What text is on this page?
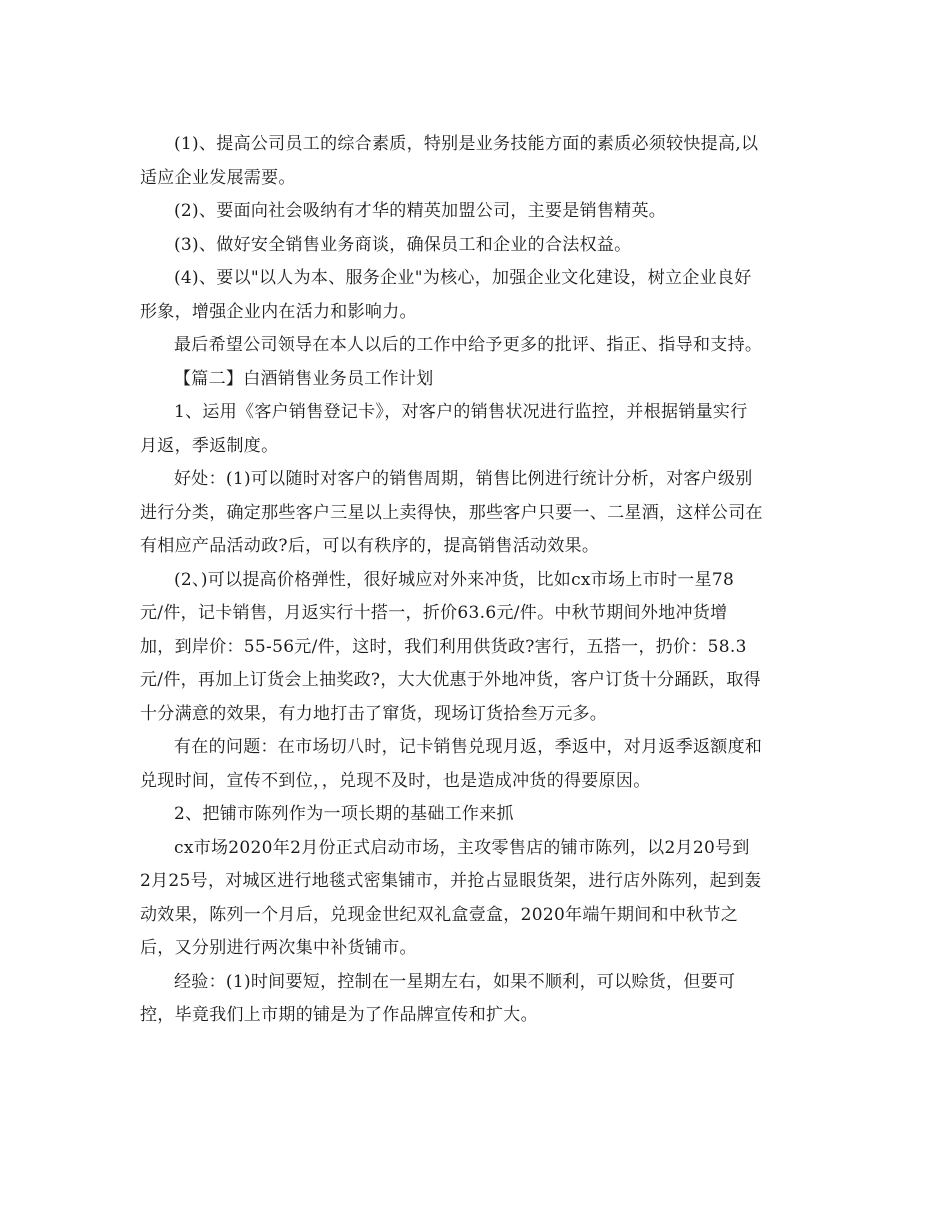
(1)、提高公司员工的综合素质，特别是业务技能方面的素质必须较快提高,以
适应企业发展需要。

(2)、要面向社会吸纳有才华的精英加盟公司，主要是销售精英。

(3)、做好安全销售业务商谈，确保员工和企业的合法权益。

(4)、要以"以人为本、服务企业"为核心，加强企业文化建设，树立企业良好
形象，增强企业内在活力和影响力。

最后希望公司领导在本人以后的工作中给予更多的批评、指正、指导和支持。

【篇二】白酒销售业务员工作计划

1、运用《客户销售登记卡》，对客户的销售状况进行监控，并根据销量实行
月返，季返制度。

好处：(1)可以随时对客户的销售周期，销售比例进行统计分析，对客户级别
进行分类，确定那些客户三星以上卖得快，那些客户只要一、二星酒，这样公司在
有相应产品活动政?后，可以有秩序的，提高销售活动效果。

(2、)可以提高价格弹性，很好城应对外来冲货，比如cx市场上市时一星78
元/件，记卡销售，月返实行十搭一，折价63.6元/件。中秋节期间外地冲货增
加，到岸价：55-56元/件，这时，我们利用供货政?害行，五搭一，扔价：58.3
元/件，再加上订货会上抽奖政?，大大优惠于外地冲货，客户订货十分踊跃，取得
十分满意的效果，有力地打击了窜货，现场订货拾叁万元多。

有在的问题：在市场切八时，记卡销售兑现月返，季返中，对月返季返额度和
兑现时间，宣传不到位，，兑现不及时，也是造成冲货的得要原因。

2、把铺市陈列作为一项长期的基础工作来抓

cx市场2020年2月份正式启动市场，主攻零售店的铺市陈列，以2月20号到
2月25号，对城区进行地毯式密集铺市，并抢占显眼货架，进行店外陈列，起到轰
动效果，陈列一个月后，兑现金世纪双礼盒壹盒，2020年端午期间和中秋节之
后，又分别进行两次集中补货铺市。

经验：(1)时间要短，控制在一星期左右，如果不顺利，可以赊货，但要可
控，毕竟我们上市期的铺是为了作品牌宣传和扩大。
